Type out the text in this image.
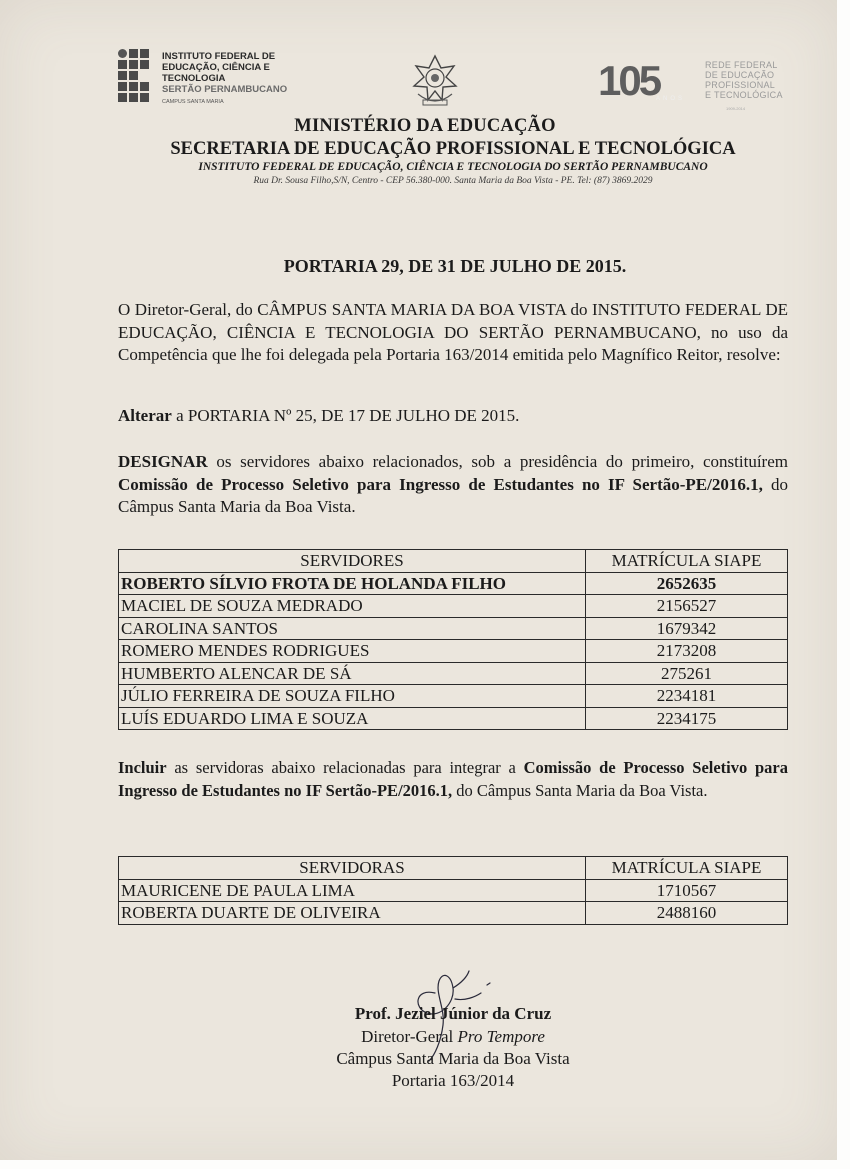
INSTITUTO FEDERAL DE
EDUCAÇÃO, CIÊNCIA E TECNOLOGIA
SERTÃO PERNAMBUCANO
CAMPUS SANTA MARIA	105
ANOS
REDE FEDERAL
DE EDUCAÇÃO
PROFISSIONAL
E TECNOLÓGICA
1909-2014
MINISTÉRIO DA EDUCAÇÃO
SECRETARIA DE EDUCAÇÃO PROFISSIONAL E TECNOLÓGICA
INSTITUTO FEDERAL DE EDUCAÇÃO, CIÊNCIA E TECNOLOGIA DO SERTÃO PERNAMBUCANO
Rua Dr. Sousa Filho,S/N, Centro - CEP 56.380-000. Santa Maria da Boa Vista - PE. Tel: (87) 3869.2029
PORTARIA 29, DE 31 DE JULHO DE 2015.
O Diretor-Geral, do CÂMPUS SANTA MARIA DA BOA VISTA do INSTITUTO FEDERAL DE EDUCAÇÃO, CIÊNCIA E TECNOLOGIA DO SERTÃO PERNAMBUCANO, no uso da Competência que lhe foi delegada pela Portaria 163/2014 emitida pelo Magnífico Reitor, resolve:
Alterar a PORTARIA Nº 25, DE 17 DE JULHO DE 2015.
DESIGNAR os servidores abaixo relacionados, sob a presidência do primeiro, constituírem Comissão de Processo Seletivo para Ingresso de Estudantes no IF Sertão-PE/2016.1, do Câmpus Santa Maria da Boa Vista.
SERVIDORES	MATRÍCULA SIAPE
ROBERTO SÍLVIO FROTA DE HOLANDA FILHO	2652635
MACIEL DE SOUZA MEDRADO	2156527
CAROLINA SANTOS	1679342
ROMERO MENDES RODRIGUES	2173208
HUMBERTO ALENCAR DE SÁ	275261
JÚLIO FERREIRA DE SOUZA FILHO	2234181
LUÍS EDUARDO LIMA E SOUZA	2234175
Incluir as servidoras abaixo relacionadas para integrar a Comissão de Processo Seletivo para Ingresso de Estudantes no IF Sertão-PE/2016.1, do Câmpus Santa Maria da Boa Vista.
SERVIDORAS	MATRÍCULA SIAPE
MAURICENE DE PAULA LIMA	1710567
ROBERTA DUARTE DE OLIVEIRA	2488160
Prof. Jeziel Júnior da Cruz
Diretor-Geral Pro Tempore
Câmpus Santa Maria da Boa Vista
Portaria 163/2014
